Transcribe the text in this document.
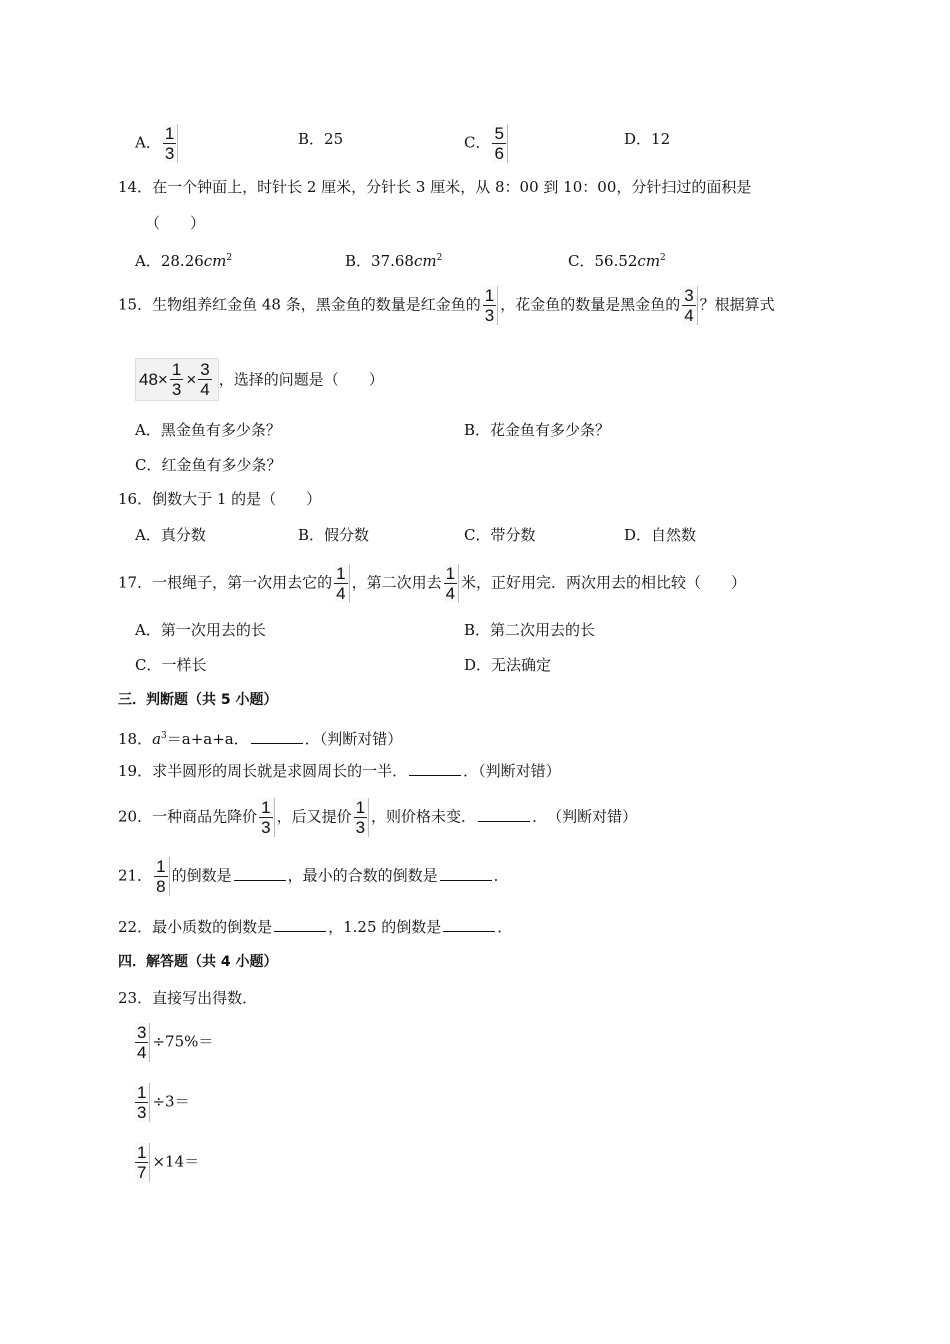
A． $\frac{1}{3}$	B．25	C． $\frac{5}{6}$	D．12
14．在一个钟面上，时针长 2 厘米，分针长 3 厘米，从 8：00 到 10：00，分针扫过的面积是
（　　）
A．$28.26cm^2$	B．$37.68cm^2$	C．$56.52cm^2$
15．生物组养红金鱼 48 条，黑金鱼的数量是红金鱼的 $\frac{1}{3}$ ，花金鱼的数量是黑金鱼的 $\frac{3}{4}$ ？根据算式
$48\times \frac{1}{3} \times \frac{3}{4}$ ，选择的问题是（　　）
A．黑金鱼有多少条？	B．花金鱼有多少条？
C．红金鱼有多少条？
16．倒数大于 1 的是（　　）
A．真分数	B．假分数	C．带分数	D．自然数
17．一根绳子，第一次用去它的 $\frac{1}{4}$ ，第二次用去 $\frac{1}{4}$ 米，正好用完．两次用去的相比较（　　）
A．第一次用去的长	B．第二次用去的长
C．一样长	D．无法确定
三．判断题（共 5 小题）
18．$a^3=a+a+a$．	．（判断对错）
19．求半圆形的周长就是求圆周长的一半．	．（判断对错）
20．一种商品先降价 $\frac{1}{3}$ ，后又提价 $\frac{1}{3}$ ，则价格未变．	．　（判断对错）
21． $\frac{1}{8}$ 的倒数是	，最小的合数的倒数是	．
22．最小质数的倒数是	，1.25 的倒数是	．
四．解答题（共 4 小题）
23．直接写出得数．
$\frac{3}{4} \div 75\%=$
$\frac{1}{3} \div 3=$
$\frac{1}{7} \times 14=$
